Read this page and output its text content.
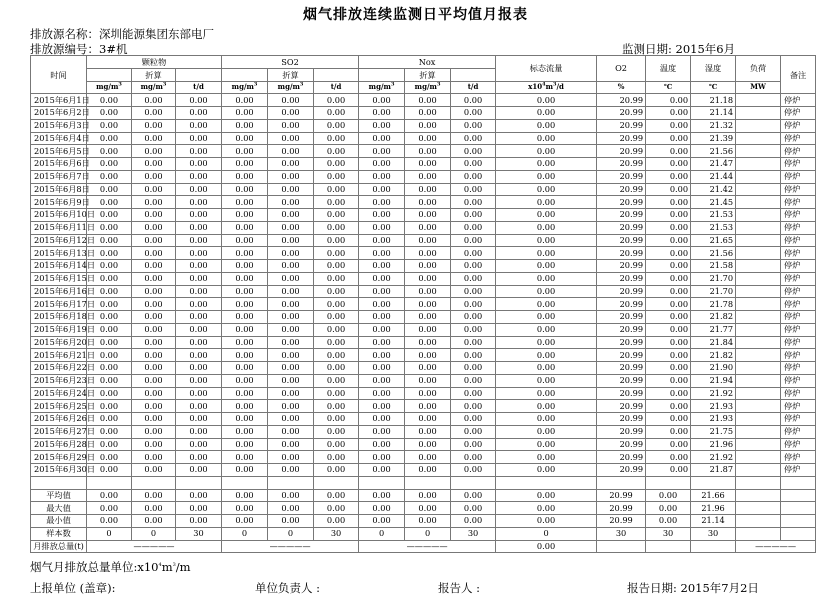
烟气排放连续监测日平均值月报表
排放源名称：深圳能源集团东部电厂
排放源编号：3#机	监测日期: 2015年6月
时间	颗粒物			SO2			Nox			标态流量	O2	温度	湿度	负荷	备注
		折算			折算			折算							
	$mg/m^3$	$mg/m^3$	t/d	$mg/m^3$	$mg/m^3$	t/d	$mg/m^3$	$mg/m^3$	t/d	$x10^4m^3/d$	%	℃	℃	MW	
2015年6月1日	0.00	0.00	0.00	0.00	0.00	0.00	0.00	0.00	0.00	0.00	20.99	0.00	21.18		停炉
2015年6月2日	0.00	0.00	0.00	0.00	0.00	0.00	0.00	0.00	0.00	0.00	20.99	0.00	21.14		停炉
2015年6月3日	0.00	0.00	0.00	0.00	0.00	0.00	0.00	0.00	0.00	0.00	20.99	0.00	21.32		停炉
2015年6月4日	0.00	0.00	0.00	0.00	0.00	0.00	0.00	0.00	0.00	0.00	20.99	0.00	21.39		停炉
2015年6月5日	0.00	0.00	0.00	0.00	0.00	0.00	0.00	0.00	0.00	0.00	20.99	0.00	21.56		停炉
2015年6月6日	0.00	0.00	0.00	0.00	0.00	0.00	0.00	0.00	0.00	0.00	20.99	0.00	21.47		停炉
2015年6月7日	0.00	0.00	0.00	0.00	0.00	0.00	0.00	0.00	0.00	0.00	20.99	0.00	21.44		停炉
2015年6月8日	0.00	0.00	0.00	0.00	0.00	0.00	0.00	0.00	0.00	0.00	20.99	0.00	21.42		停炉
2015年6月9日	0.00	0.00	0.00	0.00	0.00	0.00	0.00	0.00	0.00	0.00	20.99	0.00	21.45		停炉
2015年6月10日	0.00	0.00	0.00	0.00	0.00	0.00	0.00	0.00	0.00	0.00	20.99	0.00	21.53		停炉
2015年6月11日	0.00	0.00	0.00	0.00	0.00	0.00	0.00	0.00	0.00	0.00	20.99	0.00	21.53		停炉
2015年6月12日	0.00	0.00	0.00	0.00	0.00	0.00	0.00	0.00	0.00	0.00	20.99	0.00	21.65		停炉
2015年6月13日	0.00	0.00	0.00	0.00	0.00	0.00	0.00	0.00	0.00	0.00	20.99	0.00	21.56		停炉
2015年6月14日	0.00	0.00	0.00	0.00	0.00	0.00	0.00	0.00	0.00	0.00	20.99	0.00	21.58		停炉
2015年6月15日	0.00	0.00	0.00	0.00	0.00	0.00	0.00	0.00	0.00	0.00	20.99	0.00	21.70		停炉
2015年6月16日	0.00	0.00	0.00	0.00	0.00	0.00	0.00	0.00	0.00	0.00	20.99	0.00	21.70		停炉
2015年6月17日	0.00	0.00	0.00	0.00	0.00	0.00	0.00	0.00	0.00	0.00	20.99	0.00	21.78		停炉
2015年6月18日	0.00	0.00	0.00	0.00	0.00	0.00	0.00	0.00	0.00	0.00	20.99	0.00	21.82		停炉
2015年6月19日	0.00	0.00	0.00	0.00	0.00	0.00	0.00	0.00	0.00	0.00	20.99	0.00	21.77		停炉
2015年6月20日	0.00	0.00	0.00	0.00	0.00	0.00	0.00	0.00	0.00	0.00	20.99	0.00	21.84		停炉
2015年6月21日	0.00	0.00	0.00	0.00	0.00	0.00	0.00	0.00	0.00	0.00	20.99	0.00	21.82		停炉
2015年6月22日	0.00	0.00	0.00	0.00	0.00	0.00	0.00	0.00	0.00	0.00	20.99	0.00	21.90		停炉
2015年6月23日	0.00	0.00	0.00	0.00	0.00	0.00	0.00	0.00	0.00	0.00	20.99	0.00	21.94		停炉
2015年6月24日	0.00	0.00	0.00	0.00	0.00	0.00	0.00	0.00	0.00	0.00	20.99	0.00	21.92		停炉
2015年6月25日	0.00	0.00	0.00	0.00	0.00	0.00	0.00	0.00	0.00	0.00	20.99	0.00	21.93		停炉
2015年6月26日	0.00	0.00	0.00	0.00	0.00	0.00	0.00	0.00	0.00	0.00	20.99	0.00	21.93		停炉
2015年6月27日	0.00	0.00	0.00	0.00	0.00	0.00	0.00	0.00	0.00	0.00	20.99	0.00	21.75		停炉
2015年6月28日	0.00	0.00	0.00	0.00	0.00	0.00	0.00	0.00	0.00	0.00	20.99	0.00	21.96		停炉
2015年6月29日	0.00	0.00	0.00	0.00	0.00	0.00	0.00	0.00	0.00	0.00	20.99	0.00	21.92		停炉
2015年6月30日	0.00	0.00	0.00	0.00	0.00	0.00	0.00	0.00	0.00	0.00	20.99	0.00	21.87		停炉

平均值	0.00	0.00	0.00	0.00	0.00	0.00	0.00	0.00	0.00	0.00	20.99	0.00	21.66		
最大值	0.00	0.00	0.00	0.00	0.00	0.00	0.00	0.00	0.00	0.00	20.99	0.00	21.96		
最小值	0.00	0.00	0.00	0.00	0.00	0.00	0.00	0.00	0.00	0.00	20.99	0.00	21.14		
样本数	0	0	30	0	0	30	0	0	30	0	30	30	30		
月排放总量(t)	—————			—————			—————			0.00				—————	
烟气月排放总量单位$:x10^4m^3/m$
上报单位 (盖章):	单位负责人 :	报告人 :	报告日期: 2015年7月2日
